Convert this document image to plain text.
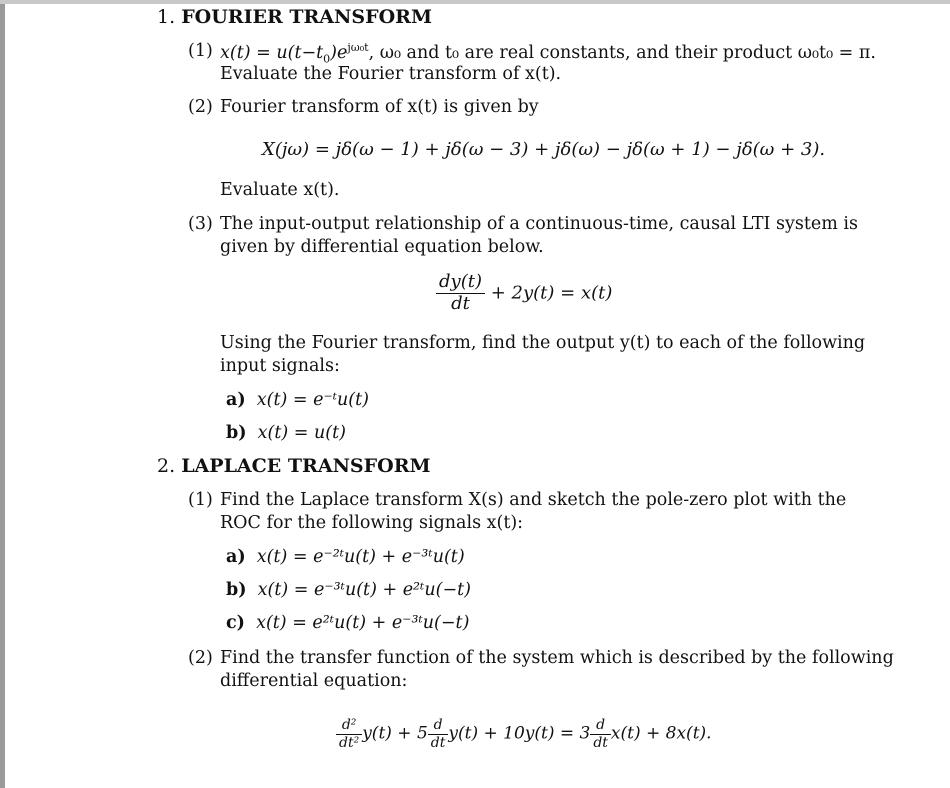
1. FOURIER TRANSFORM
(1) $x(t) = u(t-t_0)e^{j\omega_0t}$, ω₀ and t₀ are real constants, and their product ω₀t₀ = π.
Evaluate the Fourier transform of x(t).
(2) Fourier transform of x(t) is given by
X(jω) = jδ(ω − 1) + jδ(ω − 3) + jδ(ω) − jδ(ω + 1) − jδ(ω + 3).
Evaluate x(t).
(3) The input-output relationship of a continuous-time, causal LTI system is
given by differential equation below.
$\frac{dy(t)}{dt} + 2y(t) = x(t)$
Using the Fourier transform, find the output y(t) to each of the following
input signals:
a) x(t) = e⁻ᵗu(t)
b) x(t) = u(t)
2. LAPLACE TRANSFORM
(1) Find the Laplace transform X(s) and sketch the pole-zero plot with the
ROC for the following signals x(t):
a) x(t) = e⁻²ᵗu(t) + e⁻³ᵗu(t)
b) x(t) = e⁻³ᵗu(t) + e²ᵗu(−t)
c) x(t) = e²ᵗu(t) + e⁻³ᵗu(−t)
(2) Find the transfer function of the system which is described by the following
differential equation:
$\frac{\text{d²}}{\text{dt²}} y(t) + 5 \frac{d}{dt} y(t) + 10y(t) = 3 \frac{d}{dt} x(t) + 8x(t)$.
